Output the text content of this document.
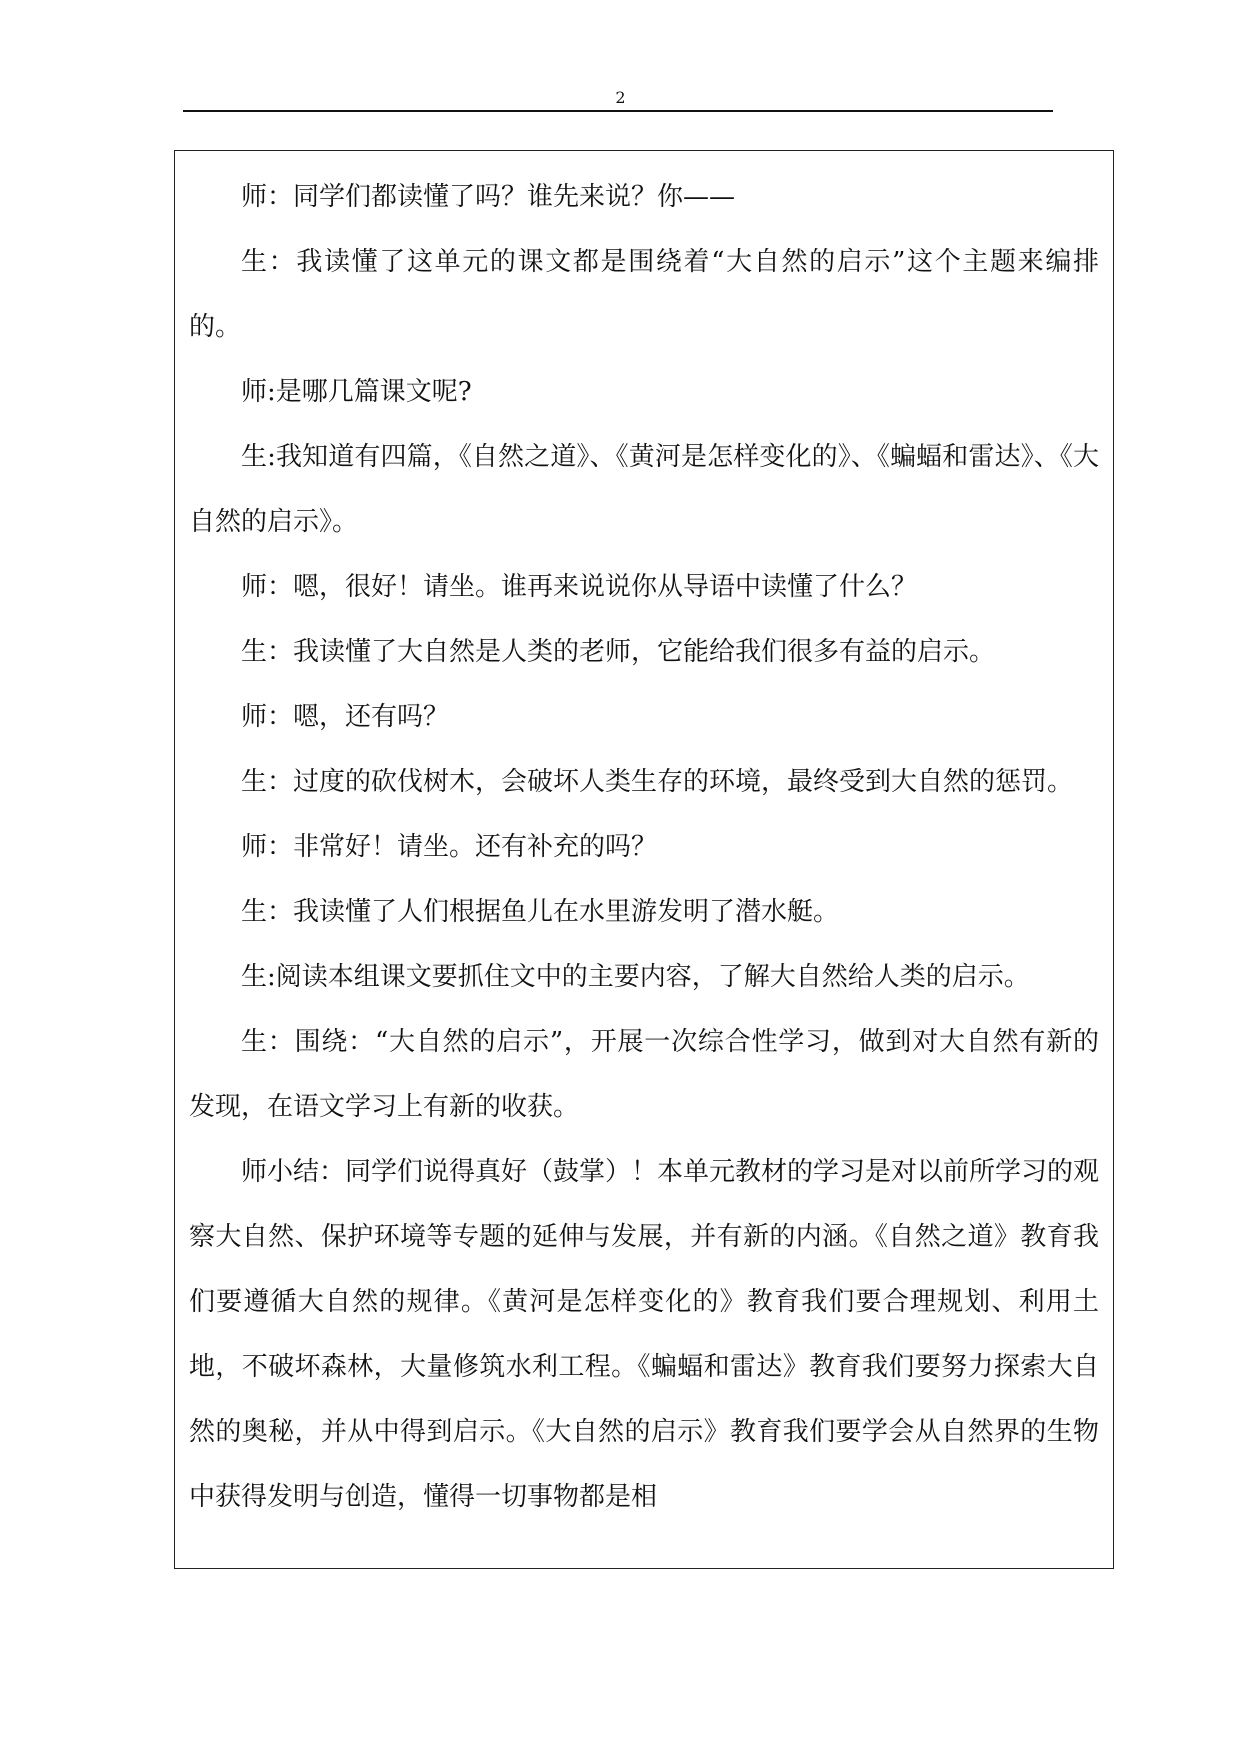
2

师：同学们都读懂了吗？谁先来说？你——

生：我读懂了这单元的课文都是围绕着“大自然的启示”这个主题来编排的。

师:是哪几篇课文呢?

生:我知道有四篇，《自然之道》、《黄河是怎样变化的》、《蝙蝠和雷达》、《大自然的启示》。

师：嗯，很好！请坐。谁再来说说你从导语中读懂了什么？

生：我读懂了大自然是人类的老师，它能给我们很多有益的启示。

师：嗯，还有吗？

生：过度的砍伐树木，会破坏人类生存的环境，最终受到大自然的惩罚。

师：非常好！请坐。还有补充的吗？

生：我读懂了人们根据鱼儿在水里游发明了潜水艇。

生:阅读本组课文要抓住文中的主要内容，了解大自然给人类的启示。

生：围绕：“大自然的启示”，开展一次综合性学习，做到对大自然有新的发现，在语文学习上有新的收获。

师小结：同学们说得真好（鼓掌）！本单元教材的学习是对以前所学习的观察大自然、保护环境等专题的延伸与发展，并有新的内涵。《自然之道》教育我们要遵循大自然的规律。《黄河是怎样变化的》教育我们要合理规划、利用土地，不破坏森林，大量修筑水利工程。《蝙蝠和雷达》教育我们要努力探索大自然的奥秘，并从中得到启示。《大自然的启示》教育我们要学会从自然界的生物中获得发明与创造，懂得一切事物都是相
